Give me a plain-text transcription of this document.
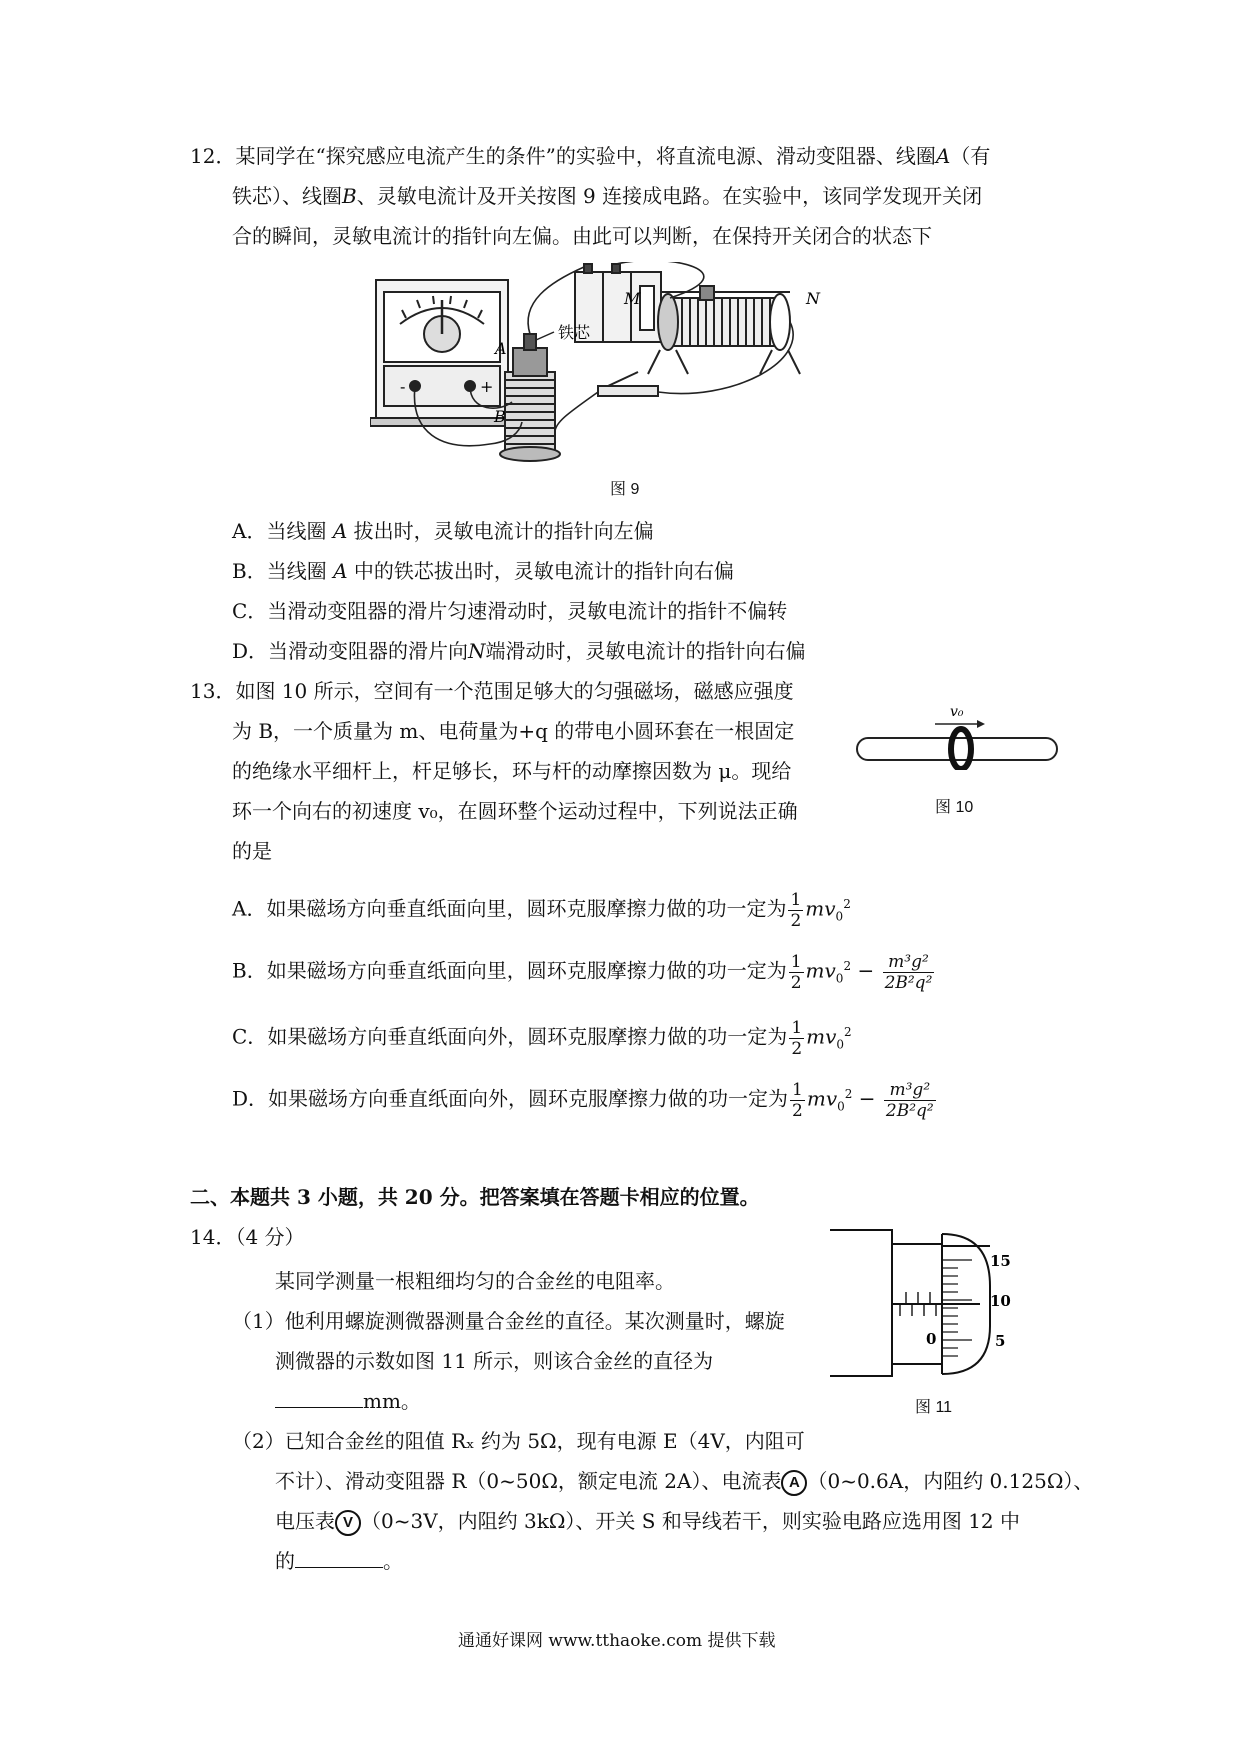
12．某同学在“探究感应电流产生的条件”的实验中，将直流电源、滑动变阻器、线圈A（有
铁芯）、线圈B、灵敏电流计及开关按图 9 连接成电路。在实验中，该同学发现开关闭
合的瞬间，灵敏电流计的指针向左偏。由此可以判断，在保持开关闭合的状态下
-	+
A
B
铁芯
M	N
图 9
A．当线圈 A 拔出时，灵敏电流计的指针向左偏
B．当线圈 A 中的铁芯拔出时，灵敏电流计的指针向右偏
C．当滑动变阻器的滑片匀速滑动时，灵敏电流计的指针不偏转
D．当滑动变阻器的滑片向N端滑动时，灵敏电流计的指针向右偏
13．如图 10 所示，空间有一个范围足够大的匀强磁场，磁感应强度
为 B，一个质量为 m、电荷量为+q 的带电小圆环套在一根固定
的绝缘水平细杆上，杆足够长，环与杆的动摩擦因数为 μ。现给
环一个向右的初速度 v₀，在圆环整个运动过程中，下列说法正确
的是
v₀
图 10
A．如果磁场方向垂直纸面向里，圆环克服摩擦力做的功一定为 $\frac{1}{2} mv_0^2$
B．如果磁场方向垂直纸面向里，圆环克服摩擦力做的功一定为 $\frac{1}{2} mv_0^2 - \frac{\text{m³g²}}{\text{2B²q²}}$
C．如果磁场方向垂直纸面向外，圆环克服摩擦力做的功一定为 $\frac{1}{2} mv_0^2$
D．如果磁场方向垂直纸面向外，圆环克服摩擦力做的功一定为 $\frac{1}{2} mv_0^2 - \frac{\text{m³g²}}{\text{2B²q²}}$
二、本题共 3 小题，共 20 分。把答案填在答题卡相应的位置。
14．（4 分）
某同学测量一根粗细均匀的合金丝的电阻率。
（1）他利用螺旋测微器测量合金丝的直径。某次测量时，螺旋
测微器的示数如图 11 所示，则该合金丝的直径为
mm。
15
10
5
0
图 11
（2）已知合金丝的阻值 Rₓ 约为 5Ω，现有电源 E（4V，内阻可
不计）、滑动变阻器 R（0~50Ω，额定电流 2A）、电流表 A （0~0.6A，内阻约 0.125Ω）、
电压表 V （0~3V，内阻约 3kΩ）、开关 S 和导线若干，则实验电路应选用图 12 中
的	。
通通好课网 www.tthaoke.com 提供下载
